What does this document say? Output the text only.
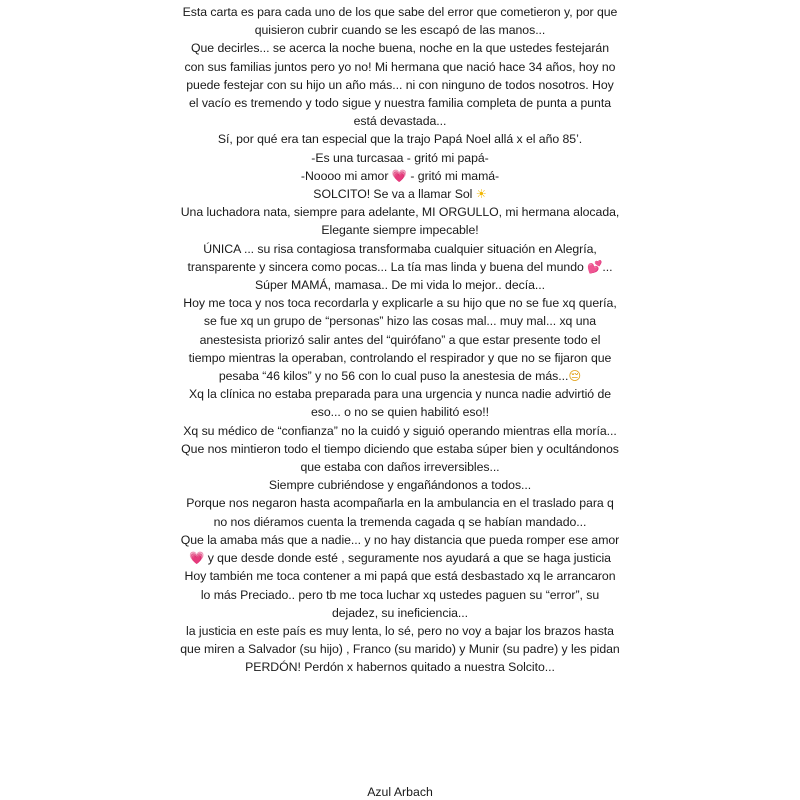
Esta carta es para cada uno de los que sabe del error que cometieron y, por que quisieron cubrir cuando se les escapó de las manos...

Que decirles... se acerca la noche buena, noche en la que ustedes festejarán con sus familias juntos pero yo no! Mi hermana que nació hace 34 años, hoy no puede festejar con su hijo un año más... ni con ninguno de todos nosotros. Hoy el vacío es tremendo y todo sigue y nuestra familia completa de punta a punta está devastada...

Sí, por qué era tan especial que la trajo Papá Noel allá x el año 85’.

-Es una turcasaa - gritó mi papá-

-Noooo mi amor 💗 - gritó mi mamá-

SOLCITO! Se va a llamar Sol ☀

Una luchadora nata, siempre para adelante, MI ORGULLO, mi hermana alocada, Elegante siempre impecable!

ÚNICA ... su risa contagiosa transformaba cualquier situación en Alegría, transparente y sincera como pocas... La tía mas linda y buena del mundo 💕...

Súper MAMÁ, mamasa.. De mi vida lo mejor.. decía...

Hoy me toca y nos toca recordarla y explicarle a su hijo que no se fue xq quería, se fue xq un grupo de “personas” hizo las cosas mal... muy mal... xq una anestesista priorizó salir antes del “quirófano” a que estar presente todo el tiempo mientras la operaban, controlando el respirador y que no se fijaron que pesaba “46 kilos” y no 56 con lo cual puso la anestesia de más...😔

Xq la clínica no estaba preparada para una urgencia y nunca nadie advirtió de eso... o no se quien habilitó eso!!

Xq su médico de “confianza” no la cuidó y siguió operando mientras ella moría...

Que nos mintieron todo el tiempo diciendo que estaba súper bien y ocultándonos que estaba con daños irreversibles...

Siempre cubriéndose y engañándonos a todos...

Porque nos negaron hasta acompañarla en la ambulancia en el traslado para q no nos diéramos cuenta la tremenda cagada q se habían mandado...

Que la amaba más que a nadie... y no hay distancia que pueda romper ese amor 💗 y que desde donde esté , seguramente nos ayudará a que se haga justicia

Hoy también me toca contener a mi papá que está desbastado xq le arrancaron lo más Preciado.. pero tb me toca luchar xq ustedes paguen su “error”, su dejadez, su ineficiencia...

la justicia en este país es muy lenta, lo sé, pero no voy a bajar los brazos hasta que miren a Salvador (su hijo) , Franco (su marido) y Munir (su padre) y les pidan PERDÓN! Perdón x habernos quitado a nuestra Solcito...

Azul Arbach
